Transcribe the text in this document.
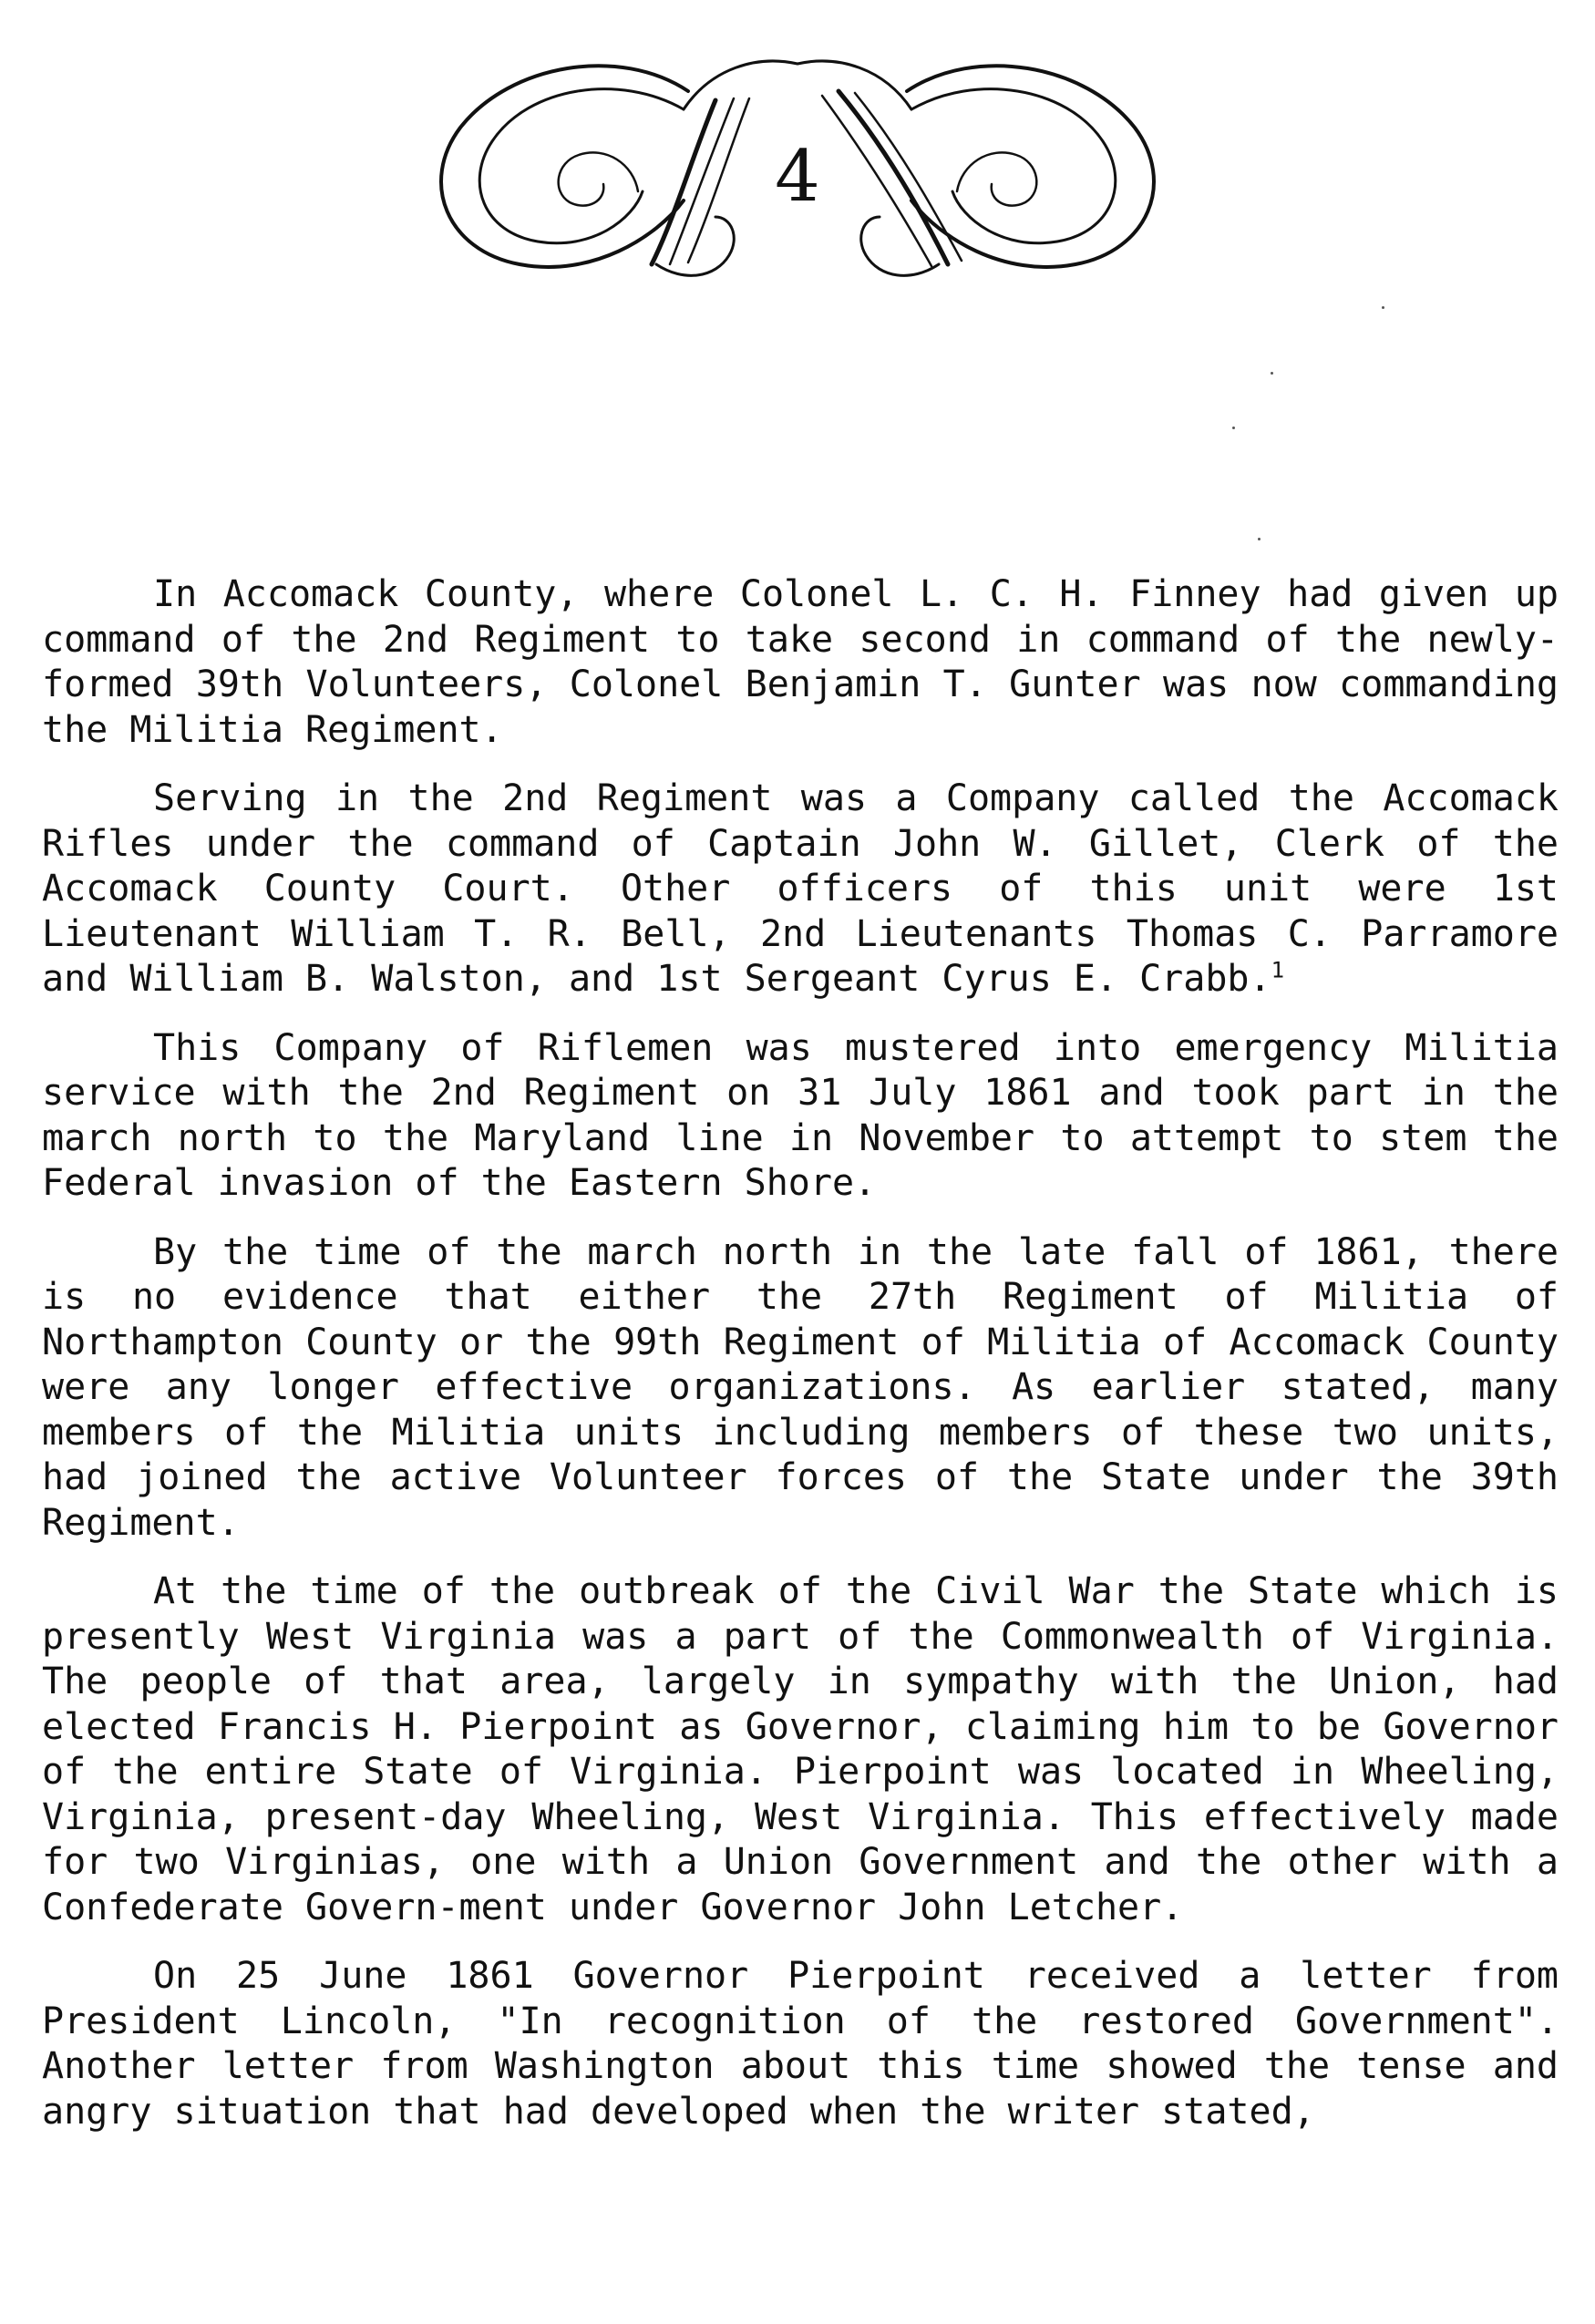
4

In Accomack County, where Colonel L. C. H. Finney had given up command of the 2nd Regiment to take second in command of the newly-formed 39th Volunteers, Colonel Benjamin T. Gunter was now commanding the Militia Regiment.

Serving in the 2nd Regiment was a Company called the Accomack Rifles under the command of Captain John W. Gillet, Clerk of the Accomack County Court. Other officers of this unit were 1st Lieutenant William T. R. Bell, 2nd Lieutenants Thomas C. Parramore and William B. Walston, and 1st Sergeant Cyrus E. Crabb.$^1$

This Company of Riflemen was mustered into emergency Militia service with the 2nd Regiment on 31 July 1861 and took part in the march north to the Maryland line in November to attempt to stem the Federal invasion of the Eastern Shore.

By the time of the march north in the late fall of 1861, there is no evidence that either the 27th Regiment of Militia of Northampton County or the 99th Regiment of Militia of Accomack County were any longer effective organizations. As earlier stated, many members of the Militia units including members of these two units, had joined the active Volunteer forces of the State under the 39th Regiment.

At the time of the outbreak of the Civil War the State which is presently West Virginia was a part of the Commonwealth of Virginia. The people of that area, largely in sympathy with the Union, had elected Francis H. Pierpoint as Governor, claiming him to be Governor of the entire State of Virginia. Pierpoint was located in Wheeling, Virginia, present-day Wheeling, West Virginia. This effectively made for two Virginias, one with a Union Government and the other with a Confederate Govern-ment under Governor John Letcher.

On 25 June 1861 Governor Pierpoint received a letter from President Lincoln, "In recognition of the restored Government". Another letter from Washington about this time showed the tense and angry situation that had developed when the writer stated,
